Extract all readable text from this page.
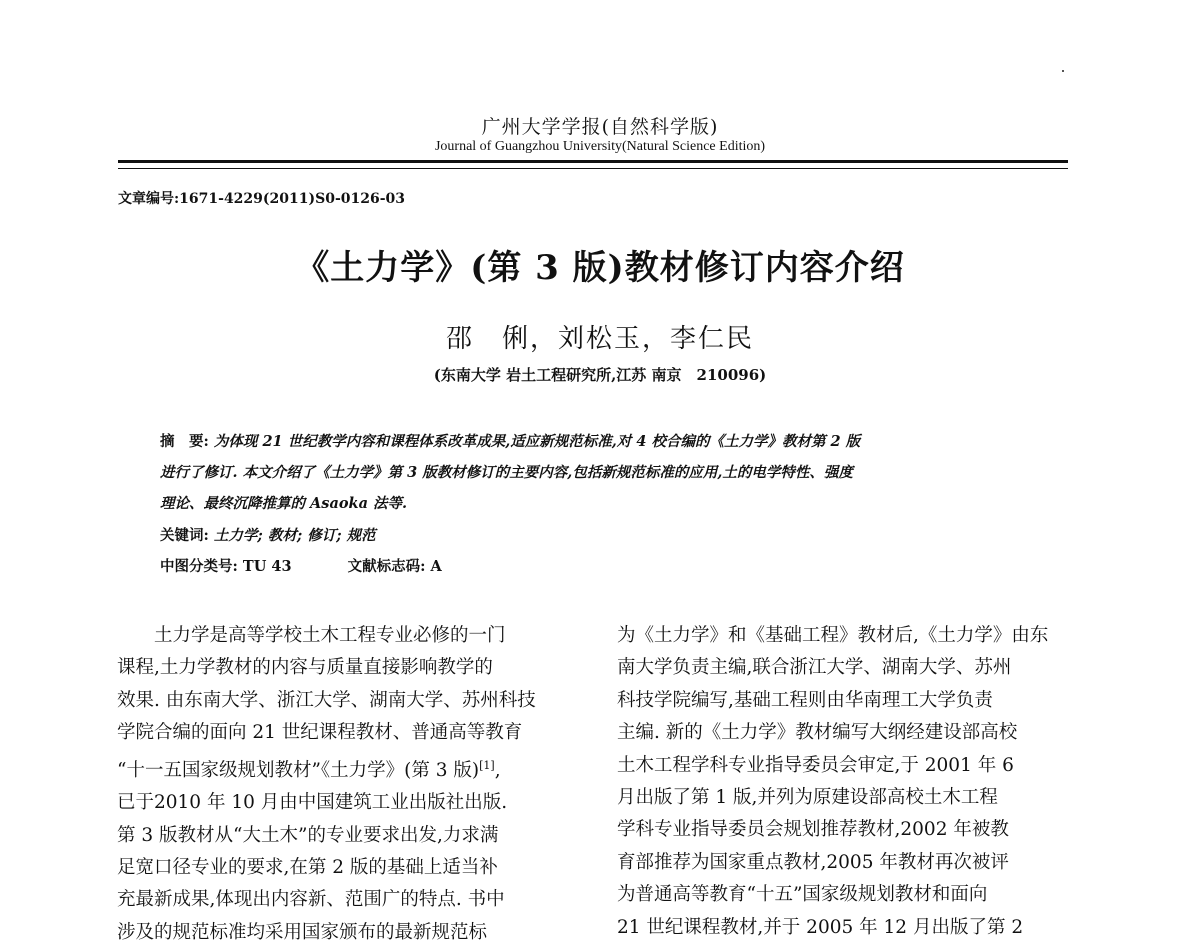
广州大学学报(自然科学版)
Journal of Guangzhou University(Natural Science Edition)
文章编号:1671-4229(2011)S0-0126-03
《土力学》(第 3 版)教材修订内容介绍
邵　俐，刘松玉，李仁民
(东南大学 岩土工程研究所,江苏 南京　210096)
摘　要: 为体现 21 世纪教学内容和课程体系改革成果,适应新规范标准,对 4 校合编的《土力学》教材第 2 版
进行了修订. 本文介绍了《土力学》第 3 版教材修订的主要内容,包括新规范标准的应用,土的电学特性、强度
理论、最终沉降推算的 Asaoka 法等.
关键词: 土力学; 教材; 修订; 规范
中图分类号: TU 43	文献标志码: A

土力学是高等学校土木工程专业必修的一门

课程,土力学教材的内容与质量直接影响教学的

效果. 由东南大学、浙江大学、湖南大学、苏州科技

学院合编的面向 21 世纪课程教材、普通高等教育

“十一五国家级规划教材”《土力学》(第 3 版)[1],

已于2010 年 10 月由中国建筑工业出版社出版.

第 3 版教材从“大土木”的专业要求出发,力求满

足宽口径专业的要求,在第 2 版的基础上适当补

充最新成果,体现出内容新、范围广的特点. 书中

涉及的规范标准均采用国家颁布的最新规范标

为《土力学》和《基础工程》教材后,《土力学》由东

南大学负责主编,联合浙江大学、湖南大学、苏州

科技学院编写,基础工程则由华南理工大学负责

主编. 新的《土力学》教材编写大纲经建设部高校

土木工程学科专业指导委员会审定,于 2001 年 6

月出版了第 1 版,并列为原建设部高校土木工程

学科专业指导委员会规划推荐教材,2002 年被教

育部推荐为国家重点教材,2005 年教材再次被评

为普通高等教育“十五”国家级规划教材和面向

21 世纪课程教材,并于 2005 年 12 月出版了第 2
